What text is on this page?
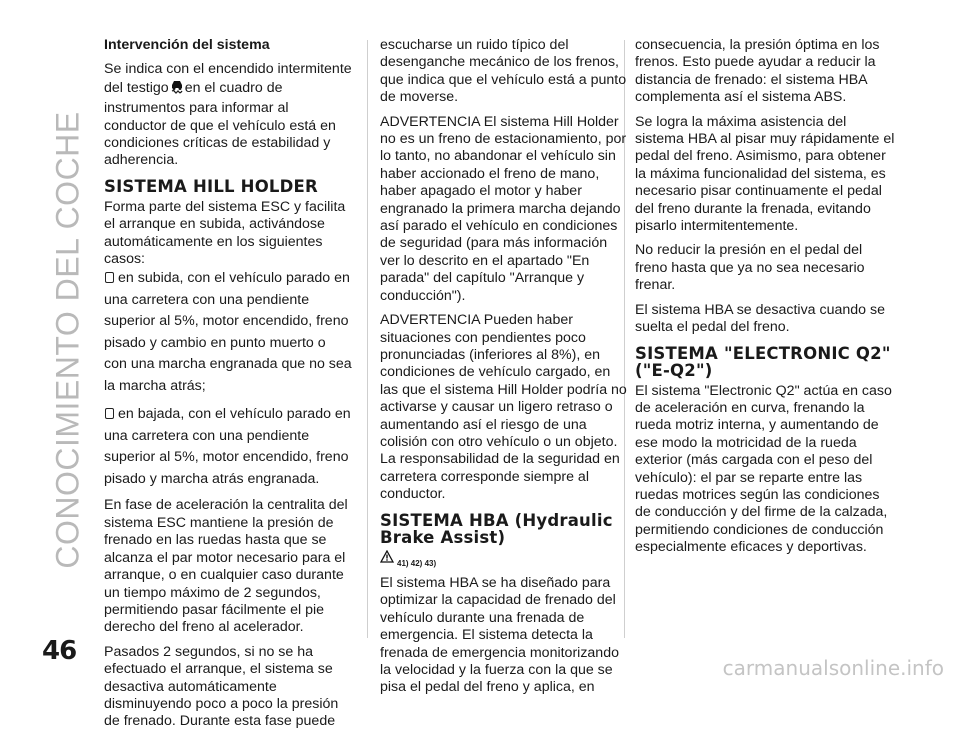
CONOCIMIENTO DEL COCHE

Intervención del sistema

Se indica con el encendido intermitente del testigo en el cuadro de instrumentos para informar al conductor de que el vehículo está en condiciones críticas de estabilidad y adherencia.

SISTEMA HILL HOLDER

Forma parte del sistema ESC y facilita el arranque en subida, activándose automáticamente en los siguientes casos:

en subida, con el vehículo parado en una carretera con una pendiente superior al 5%, motor encendido, freno pisado y cambio en punto muerto o con una marcha engranada que no sea la marcha atrás;

en bajada, con el vehículo parado en una carretera con una pendiente superior al 5%, motor encendido, freno pisado y marcha atrás engranada.

En fase de aceleración la centralita del sistema ESC mantiene la presión de frenado en las ruedas hasta que se alcanza el par motor necesario para el arranque, o en cualquier caso durante un tiempo máximo de 2 segundos, permitiendo pasar fácilmente el pie derecho del freno al acelerador.

Pasados 2 segundos, si no se ha efectuado el arranque, el sistema se desactiva automáticamente disminuyendo poco a poco la presión de frenado. Durante esta fase puede

escucharse un ruido típico del desenganche mecánico de los frenos, que indica que el vehículo está a punto de moverse.

ADVERTENCIA El sistema Hill Holder no es un freno de estacionamiento, por lo tanto, no abandonar el vehículo sin haber accionado el freno de mano, haber apagado el motor y haber engranado la primera marcha dejando así parado el vehículo en condiciones de seguridad (para más información ver lo descrito en el apartado "En parada" del capítulo "Arranque y conducción").

ADVERTENCIA Pueden haber situaciones con pendientes poco pronunciadas (inferiores al 8%), en condiciones de vehículo cargado, en las que el sistema Hill Holder podría no activarse y causar un ligero retraso o aumentando así el riesgo de una colisión con otro vehículo o un objeto. La responsabilidad de la seguridad en carretera corresponde siempre al conductor.

SISTEMA HBA (Hydraulic Brake Assist)
41) 42) 43)

El sistema HBA se ha diseñado para optimizar la capacidad de frenado del vehículo durante una frenada de emergencia. El sistema detecta la frenada de emergencia monitorizando la velocidad y la fuerza con la que se pisa el pedal del freno y aplica, en

consecuencia, la presión óptima en los frenos. Esto puede ayudar a reducir la distancia de frenado: el sistema HBA complementa así el sistema ABS.

Se logra la máxima asistencia del sistema HBA al pisar muy rápidamente el pedal del freno. Asimismo, para obtener la máxima funcionalidad del sistema, es necesario pisar continuamente el pedal del freno durante la frenada, evitando pisarlo intermitentemente.

No reducir la presión en el pedal del freno hasta que ya no sea necesario frenar.

El sistema HBA se desactiva cuando se suelta el pedal del freno.

SISTEMA "ELECTRONIC Q2" ("E-Q2")

El sistema "Electronic Q2" actúa en caso de aceleración en curva, frenando la rueda motriz interna, y aumentando de ese modo la motricidad de la rueda exterior (más cargada con el peso del vehículo): el par se reparte entre las ruedas motrices según las condiciones de conducción y del firme de la calzada, permitiendo condiciones de conducción especialmente eficaces y deportivas.

46
carmanualsonline.info
